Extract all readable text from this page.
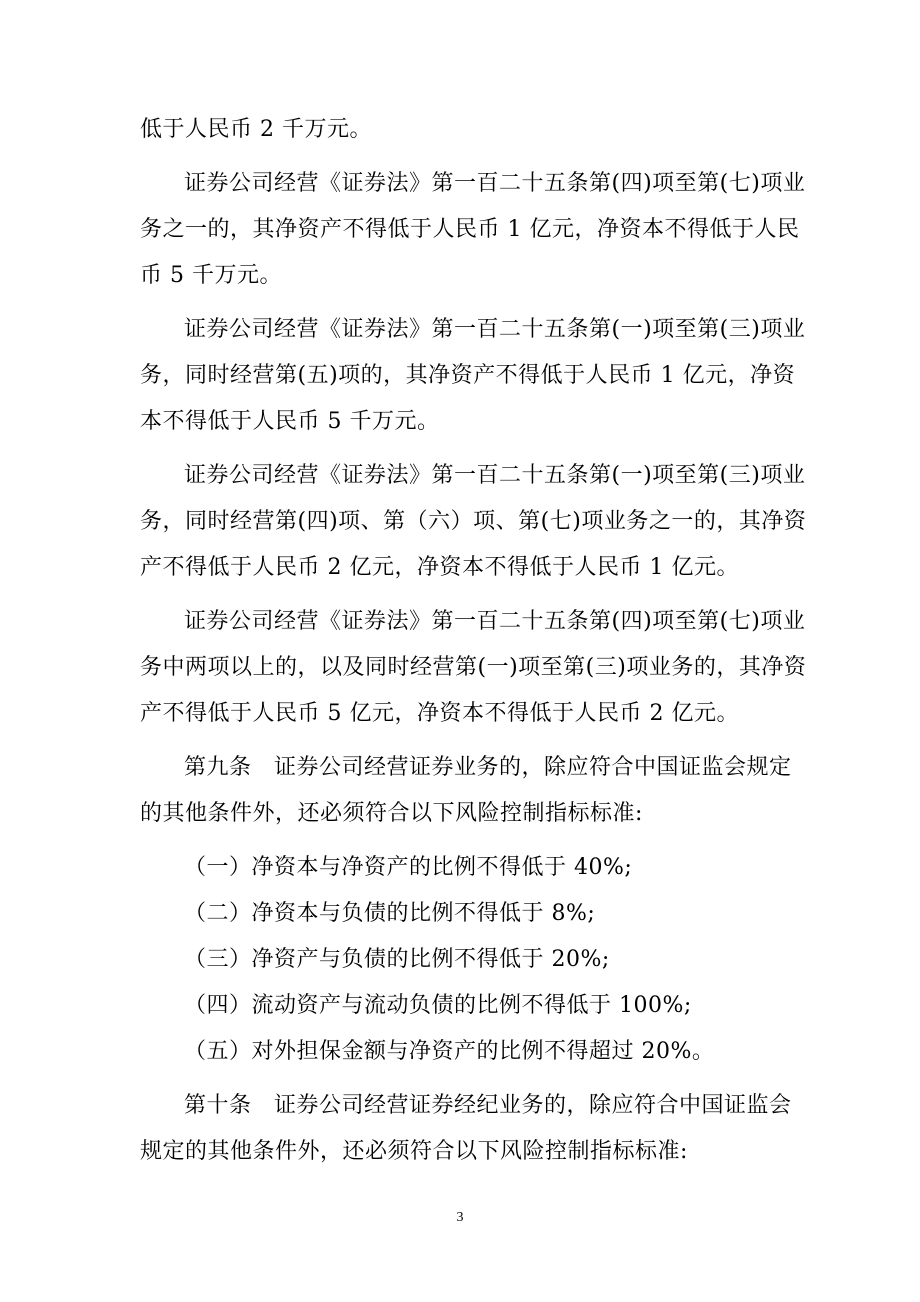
低于人民币 2 千万元。
证券公司经营《证券法》第一百二十五条第(四)项至第(七)项业
务之一的，其净资产不得低于人民币 1 亿元，净资本不得低于人民
币 5 千万元。
证券公司经营《证券法》第一百二十五条第(一)项至第(三)项业
务，同时经营第(五)项的，其净资产不得低于人民币 1 亿元，净资
本不得低于人民币 5 千万元。
证券公司经营《证券法》第一百二十五条第(一)项至第(三)项业
务，同时经营第(四)项、第（六）项、第(七)项业务之一的，其净资
产不得低于人民币 2 亿元，净资本不得低于人民币 1 亿元。
证券公司经营《证券法》第一百二十五条第(四)项至第(七)项业
务中两项以上的，以及同时经营第(一)项至第(三)项业务的，其净资
产不得低于人民币 5 亿元，净资本不得低于人民币 2 亿元。
第九条   证券公司经营证券业务的，除应符合中国证监会规定
的其他条件外，还必须符合以下风险控制指标标准:
（一）净资本与净资产的比例不得低于 40%;
（二）净资本与负债的比例不得低于 8%;
（三）净资产与负债的比例不得低于 20%;
（四）流动资产与流动负债的比例不得低于 100%;
（五）对外担保金额与净资产的比例不得超过 20%。
第十条   证券公司经营证券经纪业务的，除应符合中国证监会
规定的其他条件外，还必须符合以下风险控制指标标准:
3
